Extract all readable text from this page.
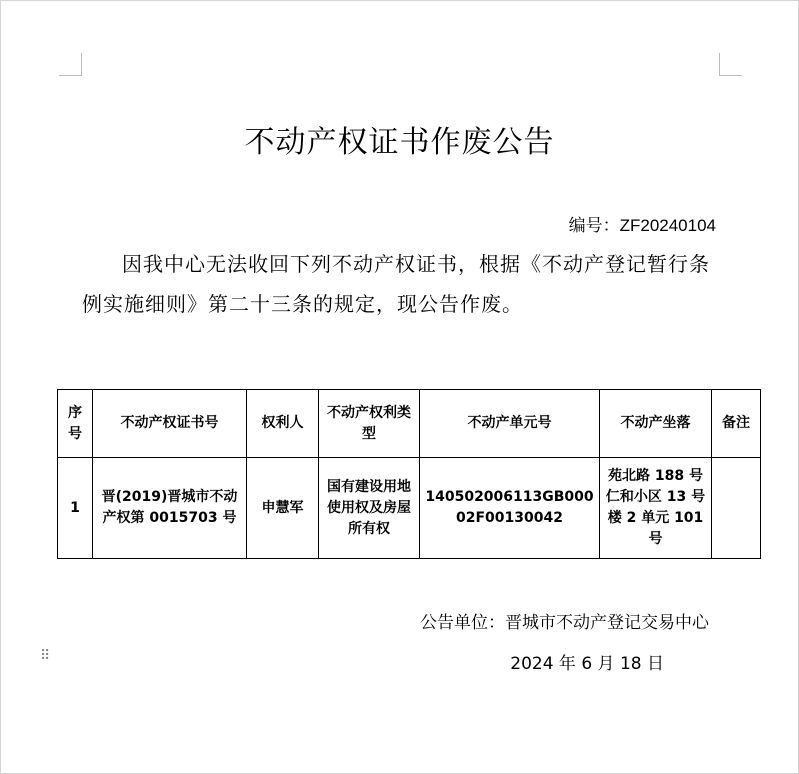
不动产权证书作废公告
编号：ZF20240104
因我中心无法收回下列不动产权证书，根据《不动产登记暂行条例实施细则》第二十三条的规定，现公告作废。
序号	不动产权证书号	权利人	不动产权利类型	不动产单元号	不动产坐落	备注
1	晋(2019)晋城市不动产权第 0015703 号	申慧军	国有建设用地使用权及房屋所有权	140502006113GB00002F00130042	苑北路 188 号仁和小区 13 号楼 2 单元 101 号	
公告单位：晋城市不动产登记交易中心
2024 年 6 月 18 日
⠿
